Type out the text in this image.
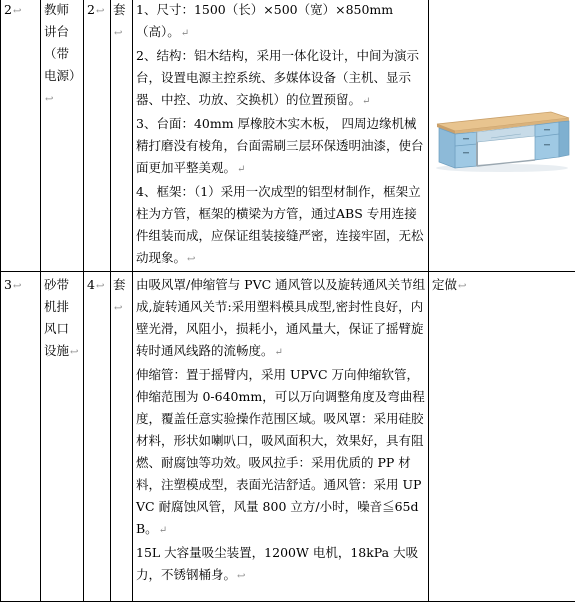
2↩	教师讲台（带电源）↩	2↩	套↩	1、尺寸：1500（长）×500（宽）×850mm（高）。↵

2、结构：铝木结构，采用一体化设计，中间为演示台，设置电源主控系统、多媒体设备（主机、显示器、中控、功放、交换机）的位置预留。↵

3、台面：40mm 厚橡胶木实木板， 四周边缘机械精打磨没有棱角，台面需刷三层环保透明油漆，使台面更加平整美观。↵

4、框架：（1）采用一次成型的铝型材制作，框架立柱为方管，框架的横梁为方管，通过ABS 专用连接件组装而成，应保证组装接缝严密，连接牢固，无松动现象。↩

3↩	砂带机排风口设施↩	4↩	套↩	由吸风罩/伸缩管与 PVC 通风管以及旋转通风关节组成,旋转通风关节:采用塑料模具成型,密封性良好，内壁光滑，风阻小，损耗小，通风量大，保证了摇臂旋转时通风线路的流畅度。↵

伸缩管：置于摇臂内，采用 UPVC 万向伸缩软管，伸缩范围为 0-640mm，可以万向调整角度及弯曲程度，覆盖任意实验操作范围区域。吸风罩：采用硅胶材料，形状如喇叭口，吸风面积大，效果好，具有阻燃、耐腐蚀等功效。吸风拉手：采用优质的 PP 材料，注塑模成型，表面光洁舒适。通风管：采用 UPVC 耐腐蚀风管，风量 800 立方/小时，噪音≦65dB。↵

15L 大容量吸尘装置，1200W 电机，18kPa 大吸力，不锈钢桶身。↩	定做↩
